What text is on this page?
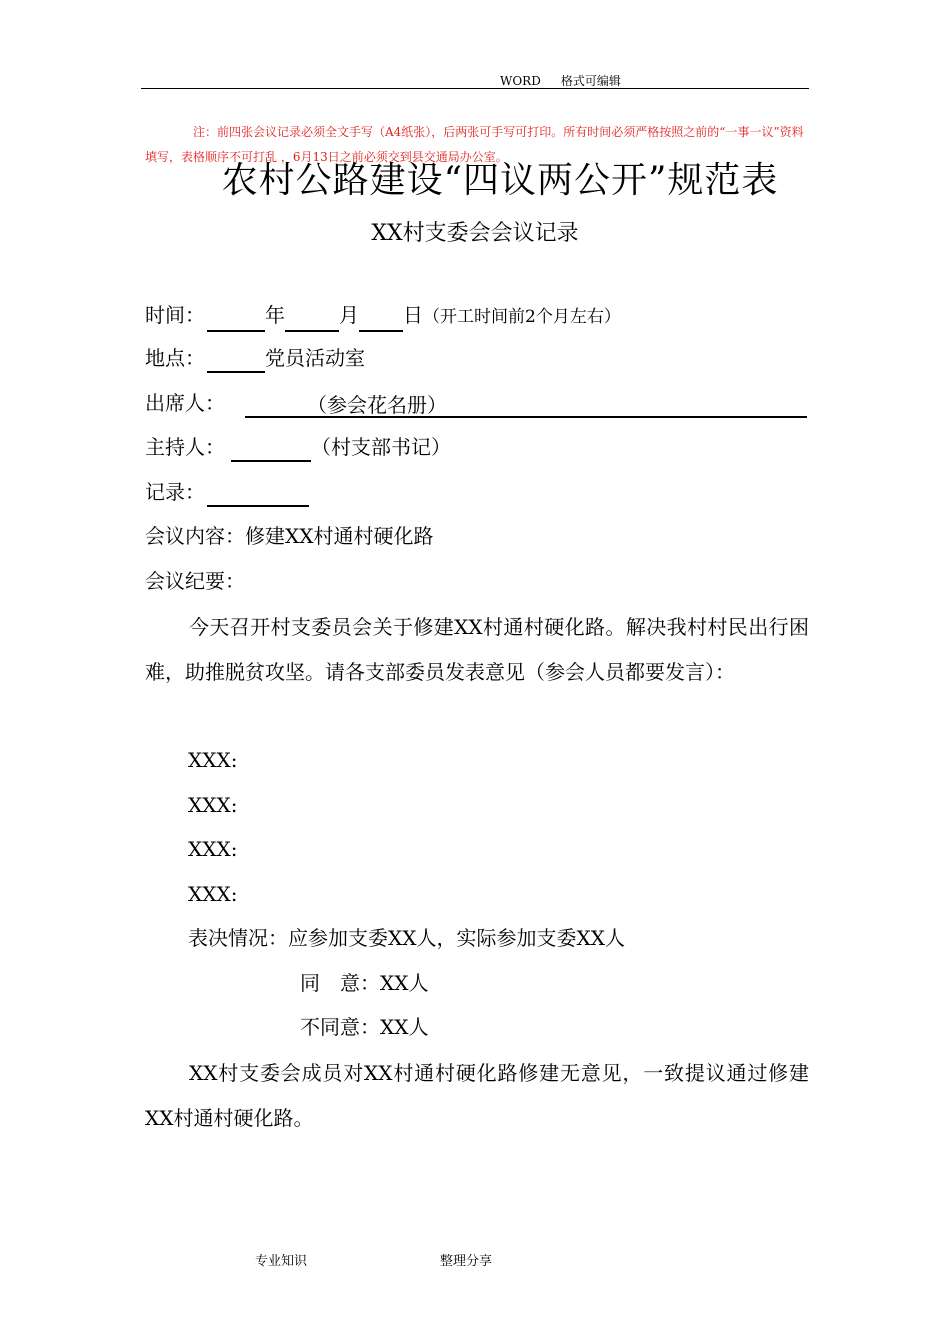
WORD 格式可编辑
注：前四张会议记录必须全文手写（A4纸张），后两张可手写可打印。所有时间必须严格按照之前的“一事一议”资料填写，表格顺序不可打乱 ，6月13日之前必须交到县交通局办公室。
农村公路建设“四议两公开”规范表
XX村支委会会议记录
时间：	年	月 日（开工时间前2个月左右）
地点：	党员活动室
出席人：	（参会花名册）
主持人：	（村支部书记）
记录：
会议内容：修建XX村通村硬化路
会议纪要：
今天召开村支委员会关于修建XX村通村硬化路。解决我村村民出行困难，助推脱贫攻坚。请各支部委员发表意见（参会人员都要发言）：
XXX:
XXX:
XXX:
XXX:
表决情况：应参加支委XX人，实际参加支委XX人
同　意：XX人
不同意：XX人
XX村支委会成员对XX村通村硬化路修建无意见，一致提议通过修建XX村通村硬化路。
专业知识	整理分享
